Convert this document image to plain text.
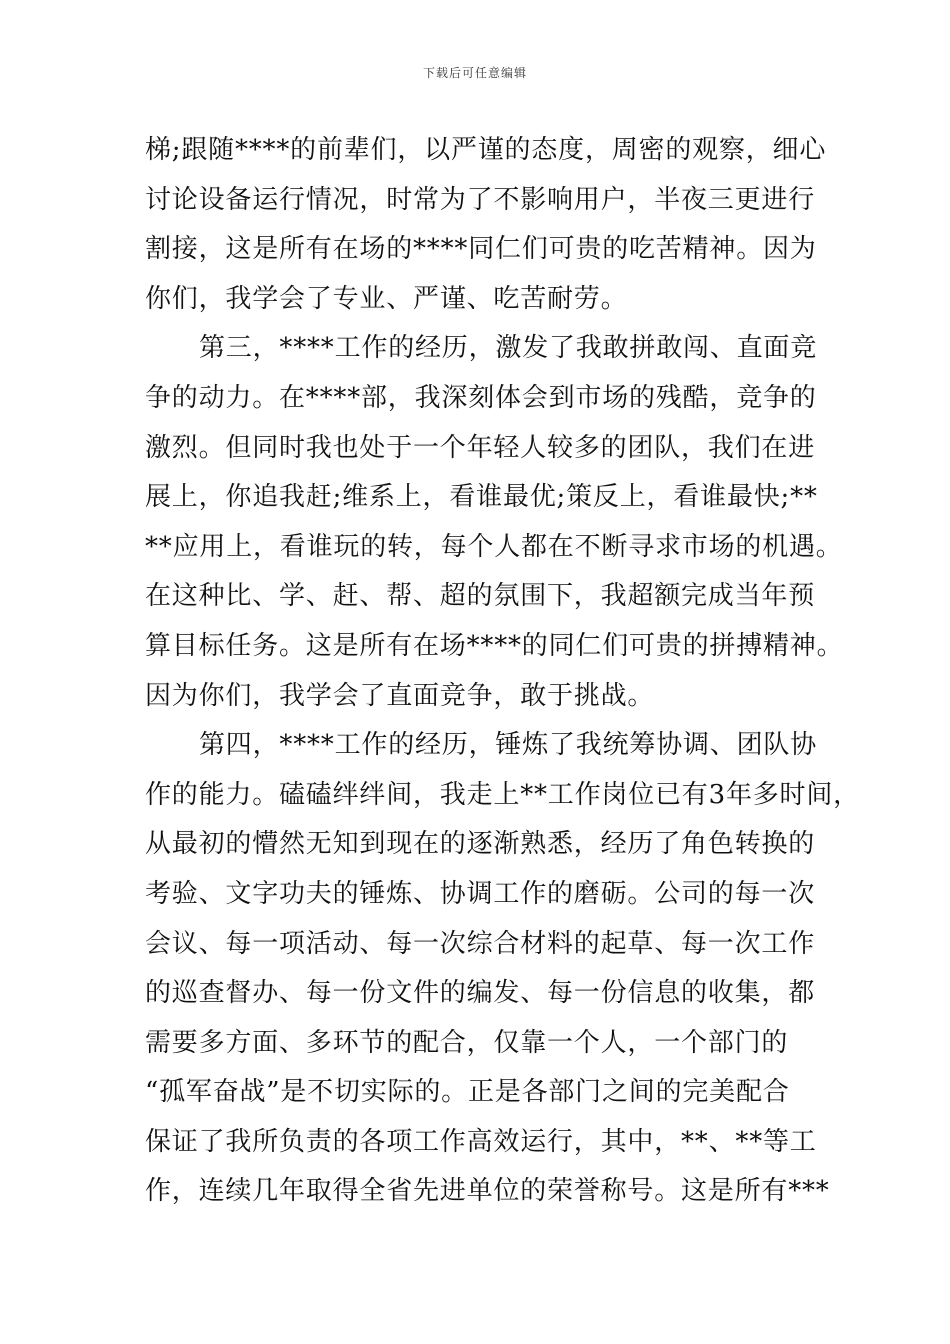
下载后可任意编辑
梯;跟随****的前辈们，以严谨的态度，周密的观察，细心
讨论设备运行情况，时常为了不影响用户，半夜三更进行
割接，这是所有在场的****同仁们可贵的吃苦精神。因为
你们，我学会了专业、严谨、吃苦耐劳。
第三，****工作的经历，激发了我敢拼敢闯、直面竞
争的动力。在****部，我深刻体会到市场的残酷，竞争的
激烈。但同时我也处于一个年轻人较多的团队，我们在进
展上，你追我赶;维系上，看谁最优;策反上，看谁最快;**
**应用上，看谁玩的转，每个人都在不断寻求市场的机遇。
在这种比、学、赶、帮、超的氛围下，我超额完成当年预
算目标任务。这是所有在场****的同仁们可贵的拼搏精神。
因为你们，我学会了直面竞争，敢于挑战。
第四，****工作的经历，锤炼了我统筹协调、团队协
作的能力。磕磕绊绊间，我走上**工作岗位已有3年多时间，
从最初的懵然无知到现在的逐渐熟悉，经历了角色转换的
考验、文字功夫的锤炼、协调工作的磨砺。公司的每一次
会议、每一项活动、每一次综合材料的起草、每一次工作
的巡查督办、每一份文件的编发、每一份信息的收集，都
需要多方面、多环节的配合，仅靠一个人，一个部门的
“孤军奋战”是不切实际的。正是各部门之间的完美配合
保证了我所负责的各项工作高效运行，其中，**、**等工
作，连续几年取得全省先进单位的荣誉称号。这是所有***
